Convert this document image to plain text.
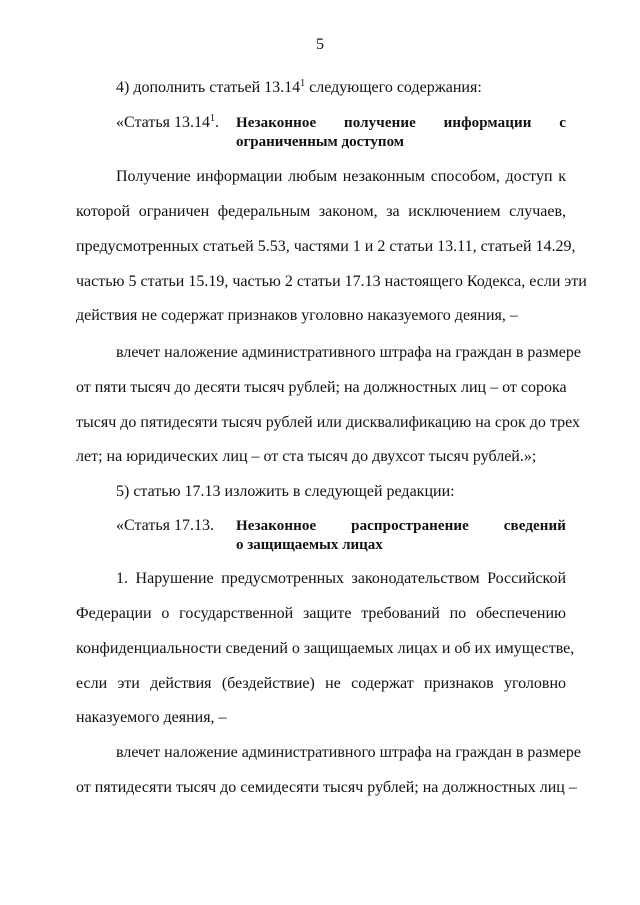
5
4) дополнить статьей 13.14$^1$ следующего содержания:
«Статья 13.14$^1$. Незаконное получение информации с
ограниченным доступом
Получение информации любым незаконным способом, доступ к
которой ограничен федеральным законом, за исключением случаев,
предусмотренных статьей 5.53, частями 1 и 2 статьи 13.11, статьей 14.29,
частью 5 статьи 15.19, частью 2 статьи 17.13 настоящего Кодекса, если эти
действия не содержат признаков уголовно наказуемого деяния, –
влечет наложение административного штрафа на граждан в размере
от пяти тысяч до десяти тысяч рублей; на должностных лиц – от сорока
тысяч до пятидесяти тысяч рублей или дисквалификацию на срок до трех
лет; на юридических лиц – от ста тысяч до двухсот тысяч рублей.»;
5) статью 17.13 изложить в следующей редакции:
«Статья 17.13. Незаконное распространение сведений
о защищаемых лицах
1. Нарушение предусмотренных законодательством Российской
Федерации о государственной защите требований по обеспечению
конфиденциальности сведений о защищаемых лицах и об их имуществе,
если эти действия (бездействие) не содержат признаков уголовно
наказуемого деяния, –
влечет наложение административного штрафа на граждан в размере
от пятидесяти тысяч до семидесяти тысяч рублей; на должностных лиц –
